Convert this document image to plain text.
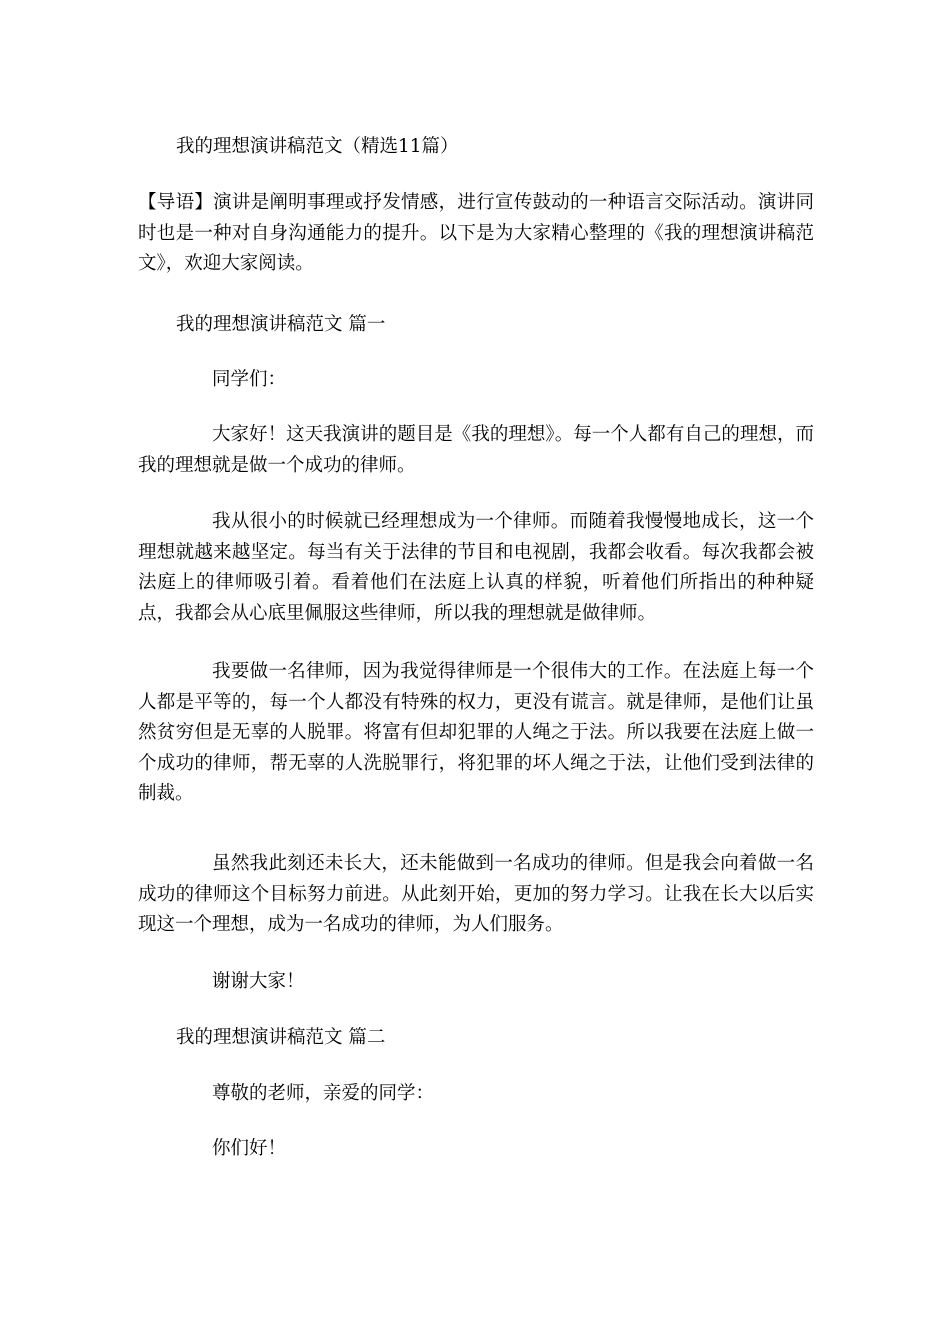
我的理想演讲稿范文（精选11篇）

【导语】演讲是阐明事理或抒发情感，进行宣传鼓动的一种语言交际活动。演讲同时也是一种对自身沟通能力的提升。以下是为大家精心整理的《我的理想演讲稿范文》，欢迎大家阅读。

我的理想演讲稿范文 篇一

同学们：

大家好！这天我演讲的题目是《我的理想》。每一个人都有自己的理想，而我的理想就是做一个成功的律师。

我从很小的时候就已经理想成为一个律师。而随着我慢慢地成长，这一个理想就越来越坚定。每当有关于法律的节目和电视剧，我都会收看。每次我都会被法庭上的律师吸引着。看着他们在法庭上认真的样貌，听着他们所指出的种种疑点，我都会从心底里佩服这些律师，所以我的理想就是做律师。

我要做一名律师，因为我觉得律师是一个很伟大的工作。在法庭上每一个人都是平等的，每一个人都没有特殊的权力，更没有谎言。就是律师，是他们让虽然贫穷但是无辜的人脱罪。将富有但却犯罪的人绳之于法。所以我要在法庭上做一个成功的律师，帮无辜的人洗脱罪行，将犯罪的坏人绳之于法，让他们受到法律的制裁。

虽然我此刻还未长大，还未能做到一名成功的律师。但是我会向着做一名成功的律师这个目标努力前进。从此刻开始，更加的努力学习。让我在长大以后实现这一个理想，成为一名成功的律师，为人们服务。

谢谢大家！

我的理想演讲稿范文 篇二

尊敬的老师，亲爱的同学：

你们好！
